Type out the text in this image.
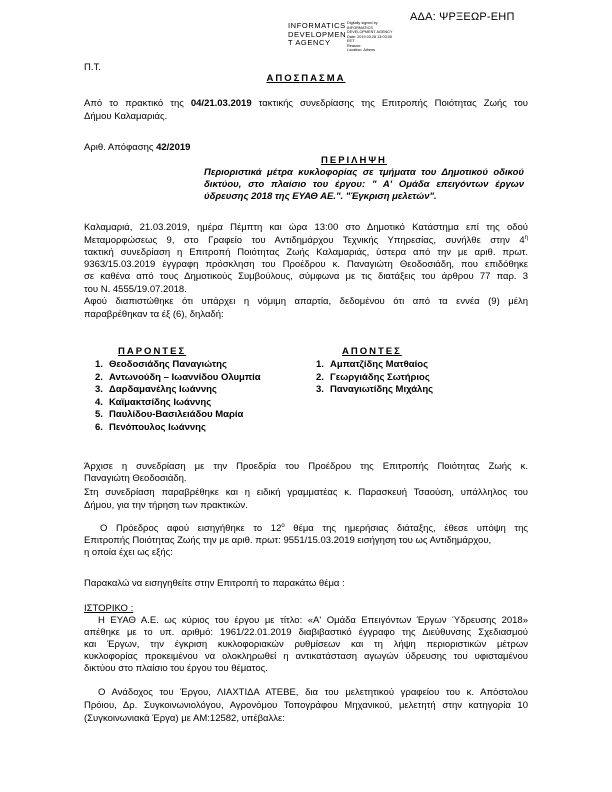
ΑΔΑ: ΨΡΞΕΩΡ-ΕΗΠ
INFORMATICS
DEVELOPMEN
T AGENCY
Digitally signed by
INFORMATICS
DEVELOPMENT AGENCY
Date: 2019.03.28 13:03:05
EET
Reason:
Location: Athens
Π.Τ.
ΑΠΟΣΠΑΣΜΑ
Από το πρακτικό της 04/21.03.2019 τακτικής συνεδρίασης της Επιτροπής Ποιότητας Ζωής του
Δήμου Καλαμαριάς.
Αριθ. Απόφασης 42/2019
ΠΕΡΙΛΗΨΗ
Περιοριστικά μέτρα κυκλοφορίας σε τμήματα του Δημοτικού οδικού
δικτύου, στο πλαίσιο του έργου: " Α' Ομάδα επειγόντων έργων
ύδρευσης 2018 της ΕΥΑΘ ΑΕ.". "Έγκριση μελετών".
Καλαμαριά, 21.03.2019, ημέρα Πέμπτη και ώρα 13:00 στο Δημοτικό Κατάστημα επί της οδού
Μεταμορφώσεως 9, στο Γραφείο του Αντιδημάρχου Τεχνικής Υπηρεσίας, συνήλθε στην $4^\eta$
τακτική συνεδρίαση η Επιτροπή Ποιότητας Ζωής Καλαμαριάς, ύστερα από την με αριθ. πρωτ.
9363/15.03.2019 έγγραφη πρόσκληση του Προέδρου κ. Παναγιώτη Θεοδοσιάδη, που επιδόθηκε
σε καθένα από τους Δημοτικούς Συμβούλους, σύμφωνα με τις διατάξεις του άρθρου 77 παρ. 3
του Ν. 4555/19.07.2018.
Αφού διαπιστώθηκε ότι υπάρχει η νόμιμη απαρτία, δεδομένου ότι από τα εννέα (9) μέλη
παραβρέθηκαν τα έξ (6), δηλαδή:
ΠΑΡΟΝΤΕΣ
1. Θεοδοσιάδης Παναγιώτης
2. Αντωνούδη – Ιωαννίδου Ολυμπία
3. Δαρδαμανέλης Ιωάννης
4. Καϊμακτσίδης Ιωάννης
5. Παυλίδου-Βασιλειάδου Μαρία
6. Πενόπουλος Ιωάννης
ΑΠΟΝΤΕΣ
1. Αμπατζίδης Ματθαίος
2. Γεωργιάδης Σωτήριος
3. Παναγιωτίδης Μιχάλης
Άρχισε η συνεδρίαση με την Προεδρία του Προέδρου της Επιτροπής Ποιότητας Ζωής κ.
Παναγιώτη Θεοδοσιάδη.
Στη συνεδρίαση παραβρέθηκε και η ειδική γραμματέας κ. Παρασκευή Τσαούση, υπάλληλος του
Δήμου, για την τήρηση των πρακτικών.
Ο Πρόεδρος αφού εισηγήθηκε το $12^o$ θέμα της ημερήσιας διάταξης, έθεσε υπόψη της
Επιτροπής Ποιότητας Ζωής την με αριθ. πρωτ: 9551/15.03.2019 εισήγηση του ως Αντιδημάρχου,
η οποία έχει ως εξής:
Παρακαλώ να εισηγηθείτε στην Επιτροπή το παρακάτω θέμα :
ΙΣΤΟΡΙΚΟ :
Η ΕΥΑΘ Α.Ε. ως κύριος του έργου με τίτλο: «Α' Ομάδα Επειγόντων Έργων Ύδρευσης 2018»
απέθηκε με το υπ. αριθμό: 1961/22.01.2019 διαβιβαστικό έγγραφο της Διεύθυνσης Σχεδιασμού
και Έργων, την έγκριση κυκλοφοριακών ρυθμίσεων και τη λήψη περιοριστικών μέτρων
κυκλοφορίας προκειμένου να ολοκληρωθεί η αντικατάσταση αγωγών ύδρευσης του υφισταμένου
δικτύου στο πλαίσιο του έργου του θέματος.
Ο Ανάδοχος του Έργου, ΛΙΑΧΤΙΔΑ ΑΤΕΒΕ, δια του μελετητικού γραφείου του κ. Απόστολου
Πρόιου, Δρ. Συγκοινωνιολόγου, Αγρονόμου Τοπογράφου Μηχανικού, μελετητή στην κατηγορία 10
(Συγκοινωνιακά Έργα) με ΑΜ:12582, υπέβαλλε:
